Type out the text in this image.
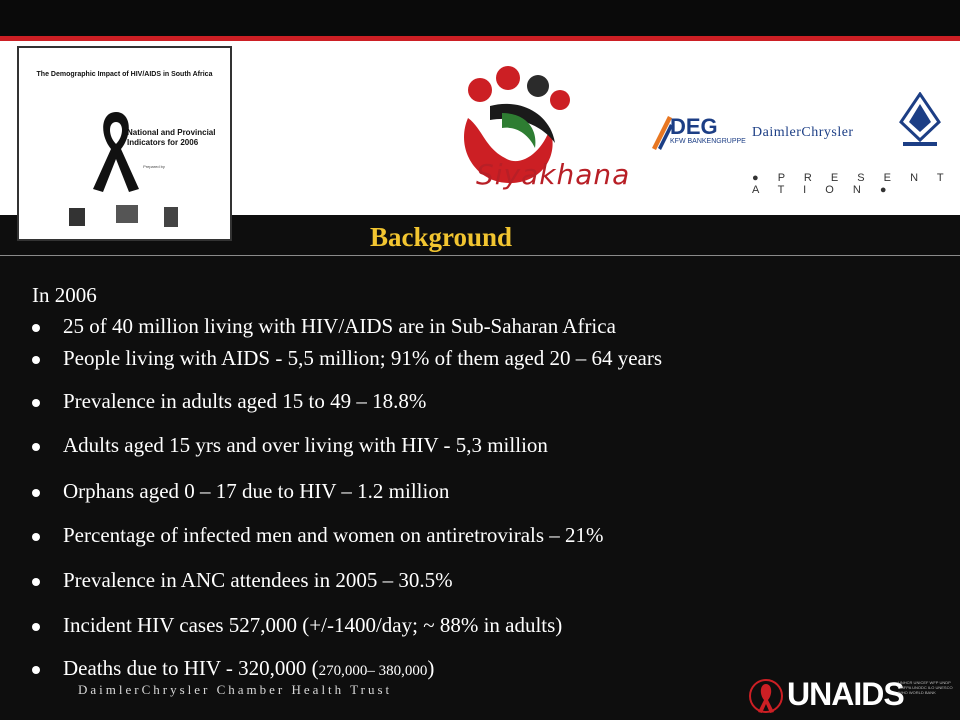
The Demographic Impact of HIV/AIDS in South Africa
National and Provincial Indicators for 2006
Prepared by	Siyakhana
DEG
KFW BANKENGRUPPE
DaimlerChrysler
● P R E S E N T A T I O N ●
Background
In 2006
25 of 40 million living with HIV/AIDS are in Sub-Saharan Africa
People living with AIDS - 5,5 million; 91% of them aged 20 – 64 years
Prevalence in adults aged 15 to 49 – 18.8%
Adults aged 15 yrs and over living with HIV - 5,3 million
Orphans aged 0 – 17 due to HIV – 1.2 million
Percentage of infected men and women on antiretrovirals – 21%
Prevalence in ANC attendees in 2005 – 30.5%
Incident HIV cases 527,000 (+/-1400/day; ~ 88% in adults)
Deaths due to HIV - 320,000 (270,000– 380,000)
DaimlerChrysler Chamber Health Trust	UNAIDS
UNHCR UNICEF WFP UNDP UNFPA UNODC ILO UNESCO WHO WORLD BANK
